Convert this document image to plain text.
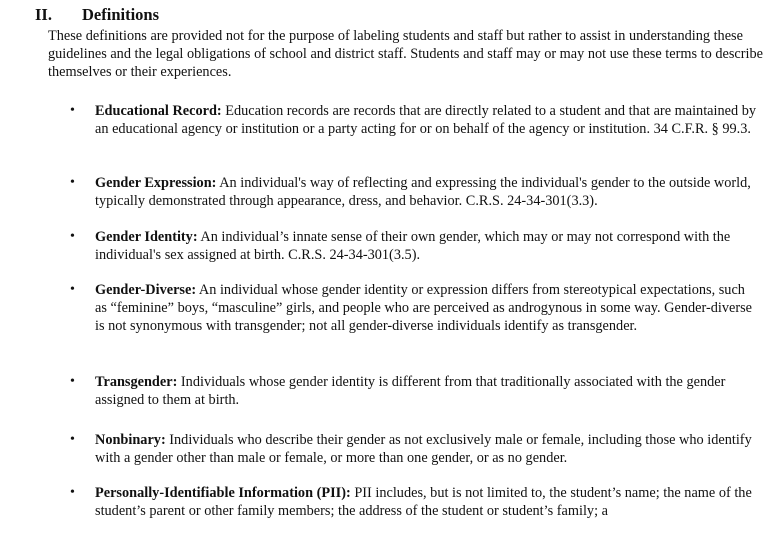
II. Definitions

These definitions are provided not for the purpose of labeling students and staff but rather to assist in understanding these guidelines and the legal obligations of school and district staff. Students and staff may or may not use these terms to describe themselves or their experiences.

• Educational Record: Education records are records that are directly related to a student and that are maintained by an educational agency or institution or a party acting for or on behalf of the agency or institution. 34 C.F.R. § 99.3.
• Gender Expression: An individual's way of reflecting and expressing the individual's gender to the outside world, typically demonstrated through appearance, dress, and behavior. C.R.S. 24-34-301(3.3).
• Gender Identity: An individual’s innate sense of their own gender, which may or may not correspond with the individual's sex assigned at birth. C.R.S. 24-34-301(3.5).
• Gender-Diverse: An individual whose gender identity or expression differs from stereotypical expectations, such as “feminine” boys, “masculine” girls, and people who are perceived as androgynous in some way. Gender-diverse is not synonymous with transgender; not all gender-diverse individuals identify as transgender.
• Transgender: Individuals whose gender identity is different from that traditionally associated with the gender assigned to them at birth.
• Nonbinary: Individuals who describe their gender as not exclusively male or female, including those who identify with a gender other than male or female, or more than one gender, or as no gender.
• Personally-Identifiable Information (PII): PII includes, but is not limited to, the student’s name; the name of the student’s parent or other family members; the address of the student or student’s family; a
